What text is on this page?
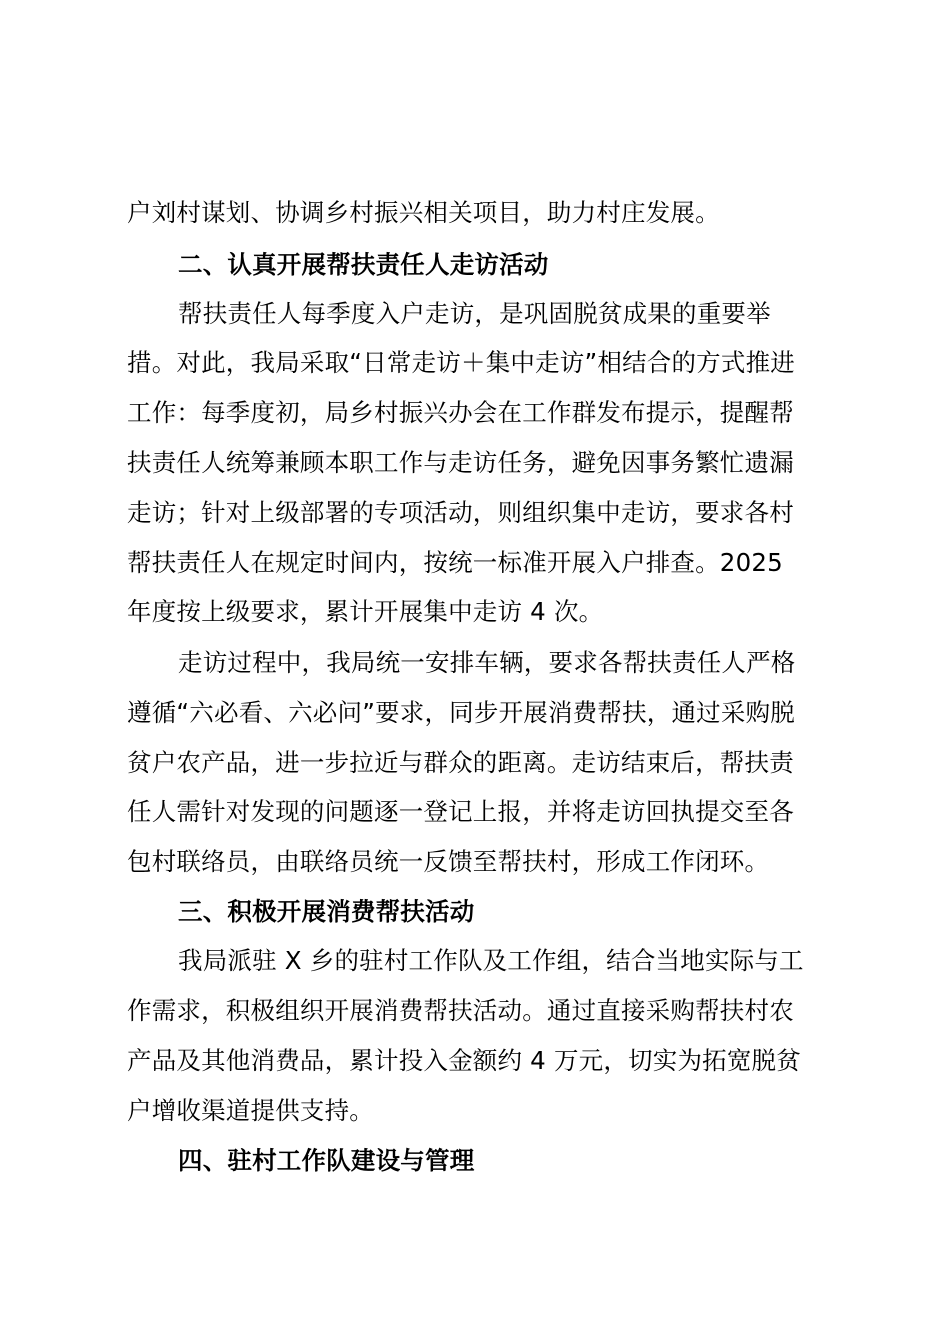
户刘村谋划、协调乡村振兴相关项目，助力村庄发展。
二、认真开展帮扶责任人走访活动
帮扶责任人每季度入户走访，是巩固脱贫成果的重要举
措。对此，我局采取“日常走访＋集中走访”相结合的方式推进
工作：每季度初，局乡村振兴办会在工作群发布提示，提醒帮
扶责任人统筹兼顾本职工作与走访任务，避免因事务繁忙遗漏
走访；针对上级部署的专项活动，则组织集中走访，要求各村
帮扶责任人在规定时间内，按统一标准开展入户排查。2025
年度按上级要求，累计开展集中走访 4 次。
走访过程中，我局统一安排车辆，要求各帮扶责任人严格
遵循“六必看、六必问”要求，同步开展消费帮扶，通过采购脱
贫户农产品，进一步拉近与群众的距离。走访结束后，帮扶责
任人需针对发现的问题逐一登记上报，并将走访回执提交至各
包村联络员，由联络员统一反馈至帮扶村，形成工作闭环。
三、积极开展消费帮扶活动
我局派驻 X 乡的驻村工作队及工作组，结合当地实际与工
作需求，积极组织开展消费帮扶活动。通过直接采购帮扶村农
产品及其他消费品，累计投入金额约 4 万元，切实为拓宽脱贫
户增收渠道提供支持。
四、驻村工作队建设与管理
